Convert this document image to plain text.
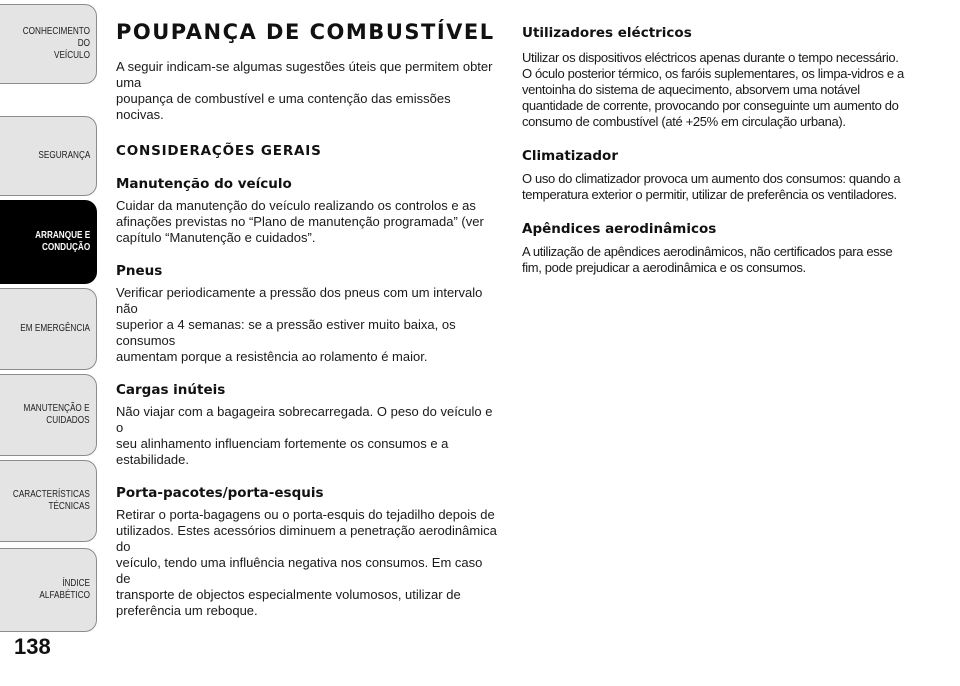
CONHECIMENTO DO
VEÍCULO
SEGURANÇA
ARRANQUE E
CONDUÇÃO
EM EMERGÊNCIA
MANUTENÇÃO E
CUIDADOS
CARACTERÍSTICAS
TÉCNICAS
ÍNDICE ALFABÉTICO
138
POUPANÇA DE COMBUSTÍVEL

A seguir indicam-se algumas sugestões úteis que permitem obter uma
poupança de combustível e uma contenção das emissões nocivas.

CONSIDERAÇÕES GERAIS
Manutenção do veículo

Cuidar da manutenção do veículo realizando os controlos e as
afinações previstas no “Plano de manutenção programada” (ver
capítulo “Manutenção e cuidados”.

Pneus

Verificar periodicamente a pressão dos pneus com um intervalo não
superior a 4 semanas: se a pressão estiver muito baixa, os consumos
aumentam porque a resistência ao rolamento é maior.

Cargas inúteis

Não viajar com a bagageira sobrecarregada. O peso do veículo e o
seu alinhamento influenciam fortemente os consumos e a estabilidade.

Porta-pacotes/porta-esquis

Retirar o porta-bagagens ou o porta-esquis do tejadilho depois de
utilizados. Estes acessórios diminuem a penetração aerodinâmica do
veículo, tendo uma influência negativa nos consumos. Em caso de
transporte de objectos especialmente volumosos, utilizar de
preferência um reboque.

Utilizadores eléctricos

Utilizar os dispositivos eléctricos apenas durante o tempo necessário.
O óculo posterior térmico, os faróis suplementares, os limpa-vidros e a
ventoinha do sistema de aquecimento, absorvem uma notável
quantidade de corrente, provocando por conseguinte um aumento do
consumo de combustível (até +25% em circulação urbana).

Climatizador

O uso do climatizador provoca um aumento dos consumos: quando a
temperatura exterior o permitir, utilizar de preferência os ventiladores.

Apêndices aerodinâmicos

A utilização de apêndices aerodinâmicos, não certificados para esse
fim, pode prejudicar a aerodinâmica e os consumos.
